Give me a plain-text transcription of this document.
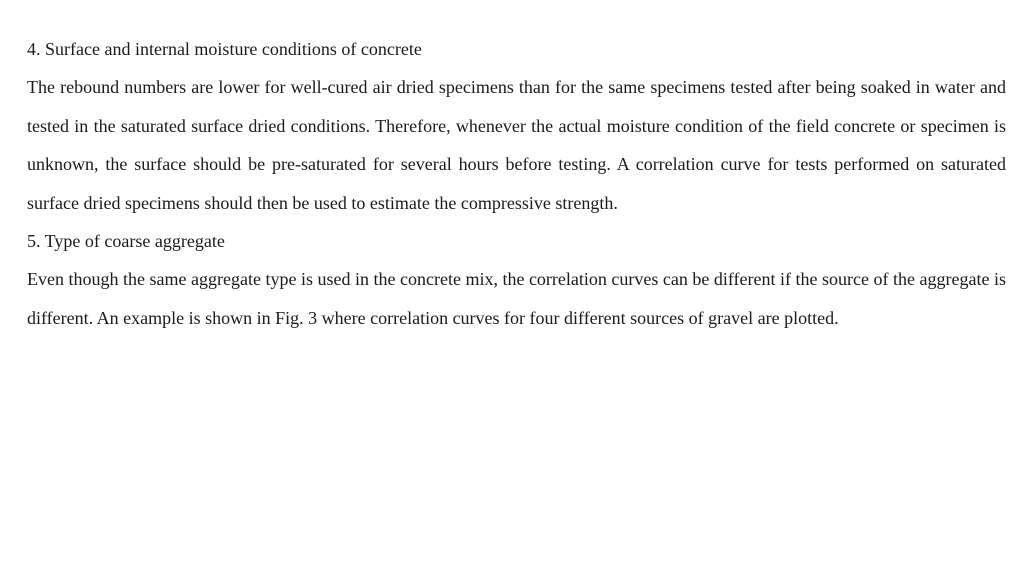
4. Surface and internal moisture conditions of concrete

The rebound numbers are lower for well-cured air dried specimens than for the same specimens tested after being soaked in water and tested in the saturated surface dried conditions. Therefore, whenever the actual moisture condition of the field concrete or specimen is unknown, the surface should be pre-saturated for several hours before testing. A correlation curve for tests performed on saturated surface dried specimens should then be used to estimate the compressive strength.

5. Type of coarse aggregate

Even though the same aggregate type is used in the concrete mix, the correlation curves can be different if the source of the aggregate is different. An example is shown in Fig. 3 where correlation curves for four different sources of gravel are plotted.
